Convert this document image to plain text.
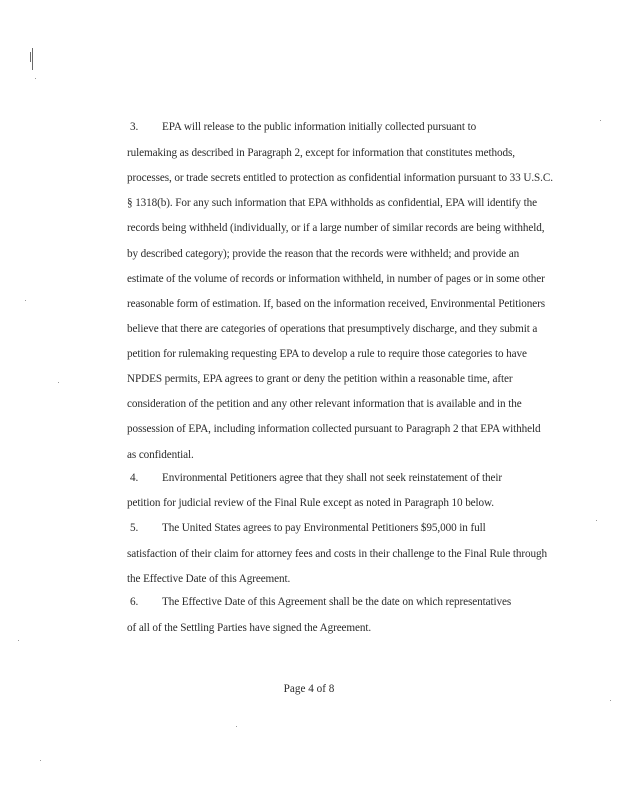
3. EPA will release to the public information initially collected pursuant to
rulemaking as described in Paragraph 2, except for information that constitutes methods,
processes, or trade secrets entitled to protection as confidential information pursuant to 33 U.S.C.
§ 1318(b). For any such information that EPA withholds as confidential, EPA will identify the
records being withheld (individually, or if a large number of similar records are being withheld,
by described category); provide the reason that the records were withheld; and provide an
estimate of the volume of records or information withheld, in number of pages or in some other
reasonable form of estimation. If, based on the information received, Environmental Petitioners
believe that there are categories of operations that presumptively discharge, and they submit a
petition for rulemaking requesting EPA to develop a rule to require those categories to have
NPDES permits, EPA agrees to grant or deny the petition within a reasonable time, after
consideration of the petition and any other relevant information that is available and in the
possession of EPA, including information collected pursuant to Paragraph 2 that EPA withheld
as confidential.
4. Environmental Petitioners agree that they shall not seek reinstatement of their
petition for judicial review of the Final Rule except as noted in Paragraph 10 below.
5. The United States agrees to pay Environmental Petitioners $95,000 in full
satisfaction of their claim for attorney fees and costs in their challenge to the Final Rule through
the Effective Date of this Agreement.
6. The Effective Date of this Agreement shall be the date on which representatives
of all of the Settling Parties have signed the Agreement.
Page 4 of 8
